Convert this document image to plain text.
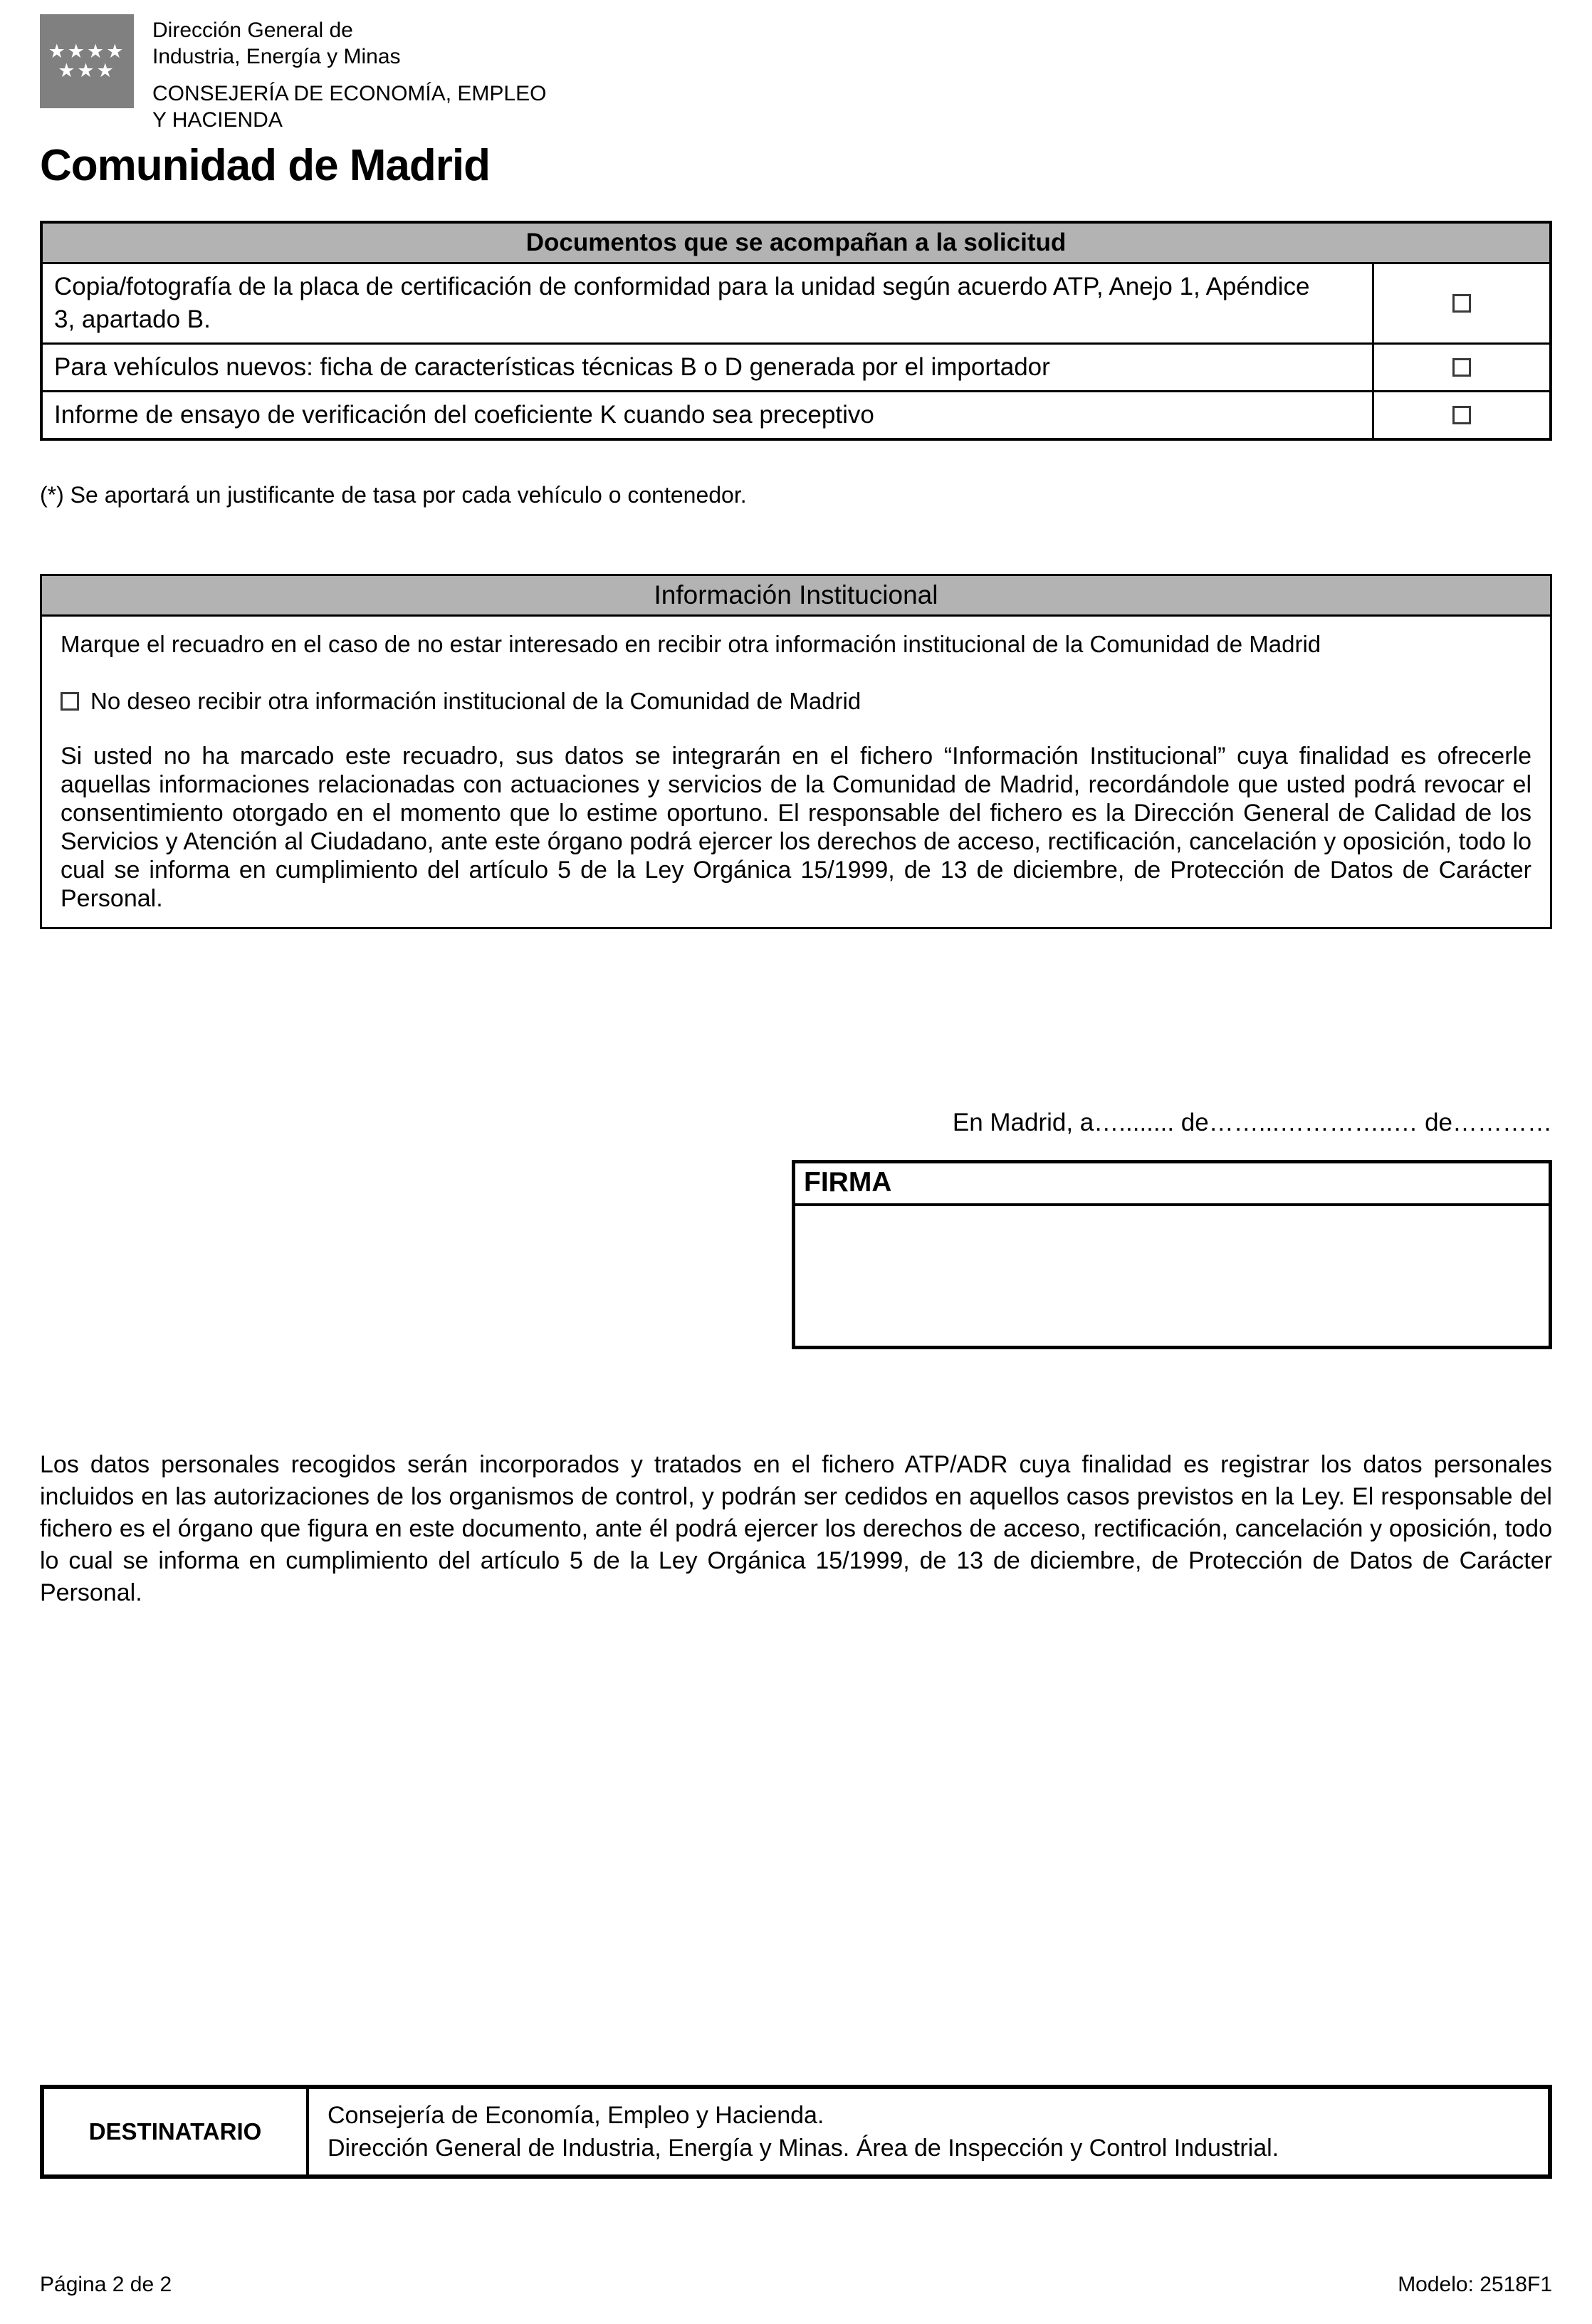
★★★★
★★★
Dirección General de
Industria, Energía y Minas
CONSEJERÍA DE ECONOMÍA, EMPLEO
Y HACIENDA
Comunidad de Madrid
Documentos que se acompañan a la solicitud	
Copia/fotografía de la placa de certificación de conformidad para la unidad según acuerdo ATP, Anejo 1, Apéndice 3, apartado B.	
Para vehículos nuevos: ficha de características técnicas B o D generada por el importador	
Informe de ensayo de verificación del coeficiente K cuando sea preceptivo	

(*) Se aportará un justificante de tasa por cada vehículo o contenedor.

Información Institucional

Marque el recuadro en el caso de no estar interesado en recibir otra información institucional de la Comunidad de Madrid

No deseo recibir otra información institucional de la Comunidad de Madrid

Si usted no ha marcado este recuadro, sus datos se integrarán en el fichero “Información Institucional” cuya finalidad es ofrecerle aquellas informaciones relacionadas con actuaciones y servicios de la Comunidad de Madrid, recordándole que usted podrá revocar el consentimiento otorgado en el momento que lo estime oportuno. El responsable del fichero es la Dirección General de Calidad de los Servicios y Atención al Ciudadano, ante este órgano podrá ejercer los derechos de acceso, rectificación, cancelación y oposición, todo lo cual se informa en cumplimiento del artículo 5 de la Ley Orgánica 15/1999, de 13 de diciembre, de Protección de Datos de Carácter Personal.

En Madrid, a…........ de……...…………..… de…………
FIRMA

Los datos personales recogidos serán incorporados y tratados en el fichero ATP/ADR cuya finalidad es registrar los datos personales incluidos en las autorizaciones de los organismos de control, y podrán ser cedidos en aquellos casos previstos en la Ley. El responsable del fichero es el órgano que figura en este documento, ante él podrá ejercer los derechos de acceso, rectificación, cancelación y oposición, todo lo cual se informa en cumplimiento del artículo 5 de la Ley Orgánica 15/1999, de 13 de diciembre, de Protección de Datos de Carácter Personal.

DESTINATARIO
Consejería de Economía, Empleo y Hacienda.
Dirección General de Industria, Energía y Minas. Área de Inspección y Control Industrial.
Página 2 de 2	Modelo: 2518F1
